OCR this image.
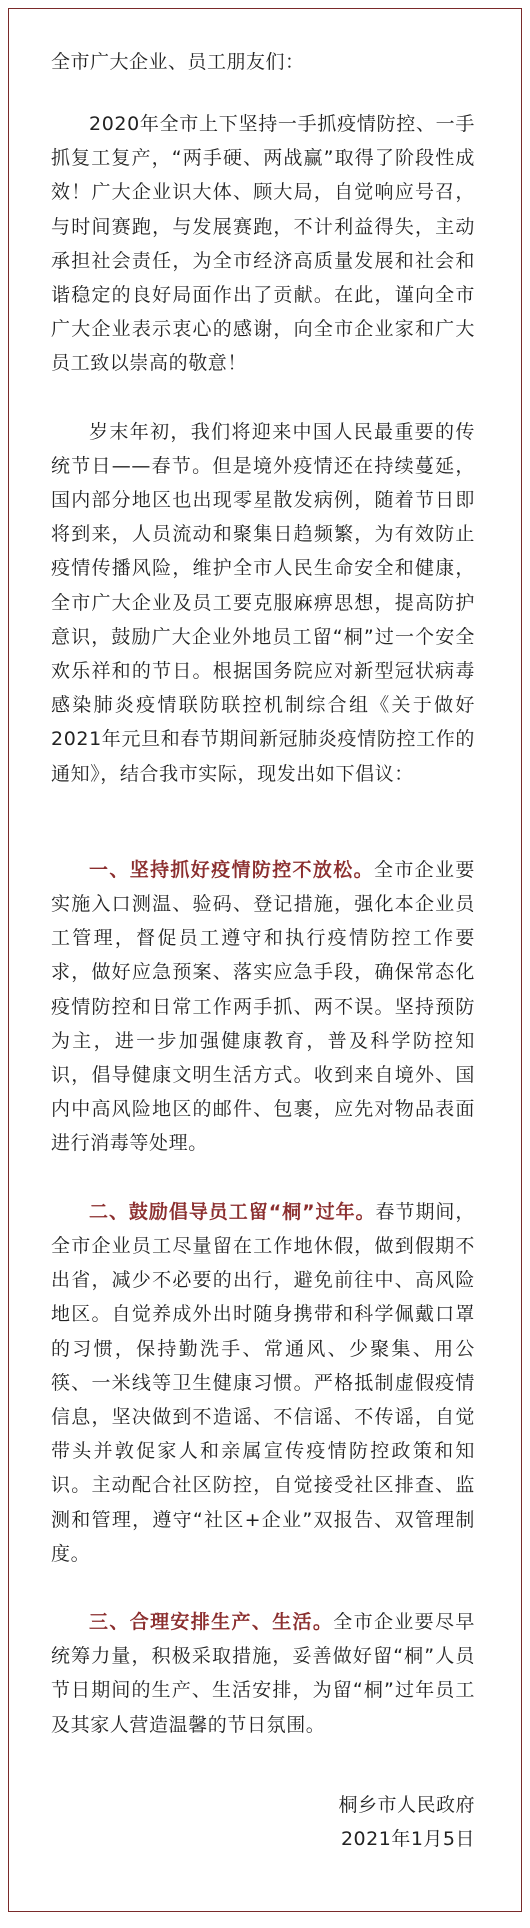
全市广大企业、员工朋友们：

2020年全市上下坚持一手抓疫情防控、一手抓复工复产，“两手硬、两战赢”取得了阶段性成效！广大企业识大体、顾大局，自觉响应号召，与时间赛跑，与发展赛跑，不计利益得失，主动承担社会责任，为全市经济高质量发展和社会和谐稳定的良好局面作出了贡献。在此，谨向全市广大企业表示衷心的感谢，向全市企业家和广大员工致以崇高的敬意！

岁末年初，我们将迎来中国人民最重要的传统节日——春节。但是境外疫情还在持续蔓延，国内部分地区也出现零星散发病例，随着节日即将到来，人员流动和聚集日趋频繁，为有效防止疫情传播风险，维护全市人民生命安全和健康，全市广大企业及员工要克服麻痹思想，提高防护意识，鼓励广大企业外地员工留“桐”过一个安全欢乐祥和的节日。根据国务院应对新型冠状病毒感染肺炎疫情联防联控机制综合组《关于做好2021年元旦和春节期间新冠肺炎疫情防控工作的通知》，结合我市实际，现发出如下倡议：

一、坚持抓好疫情防控不放松。全市企业要实施入口测温、验码、登记措施，强化本企业员工管理，督促员工遵守和执行疫情防控工作要求，做好应急预案、落实应急手段，确保常态化疫情防控和日常工作两手抓、两不误。坚持预防为主，进一步加强健康教育，普及科学防控知识，倡导健康文明生活方式。收到来自境外、国内中高风险地区的邮件、包裹，应先对物品表面进行消毒等处理。

二、鼓励倡导员工留“桐”过年。春节期间，全市企业员工尽量留在工作地休假，做到假期不出省，减少不必要的出行，避免前往中、高风险地区。自觉养成外出时随身携带和科学佩戴口罩的习惯，保持勤洗手、常通风、少聚集、用公筷、一米线等卫生健康习惯。严格抵制虚假疫情信息，坚决做到不造谣、不信谣、不传谣，自觉带头并敦促家人和亲属宣传疫情防控政策和知识。主动配合社区防控，自觉接受社区排查、监测和管理，遵守“社区+企业”双报告、双管理制度。

三、合理安排生产、生活。全市企业要尽早统筹力量，积极采取措施，妥善做好留“桐”人员节日期间的生产、生活安排，为留“桐”过年员工及其家人营造温馨的节日氛围。

桐乡市人民政府
2021年1月5日
